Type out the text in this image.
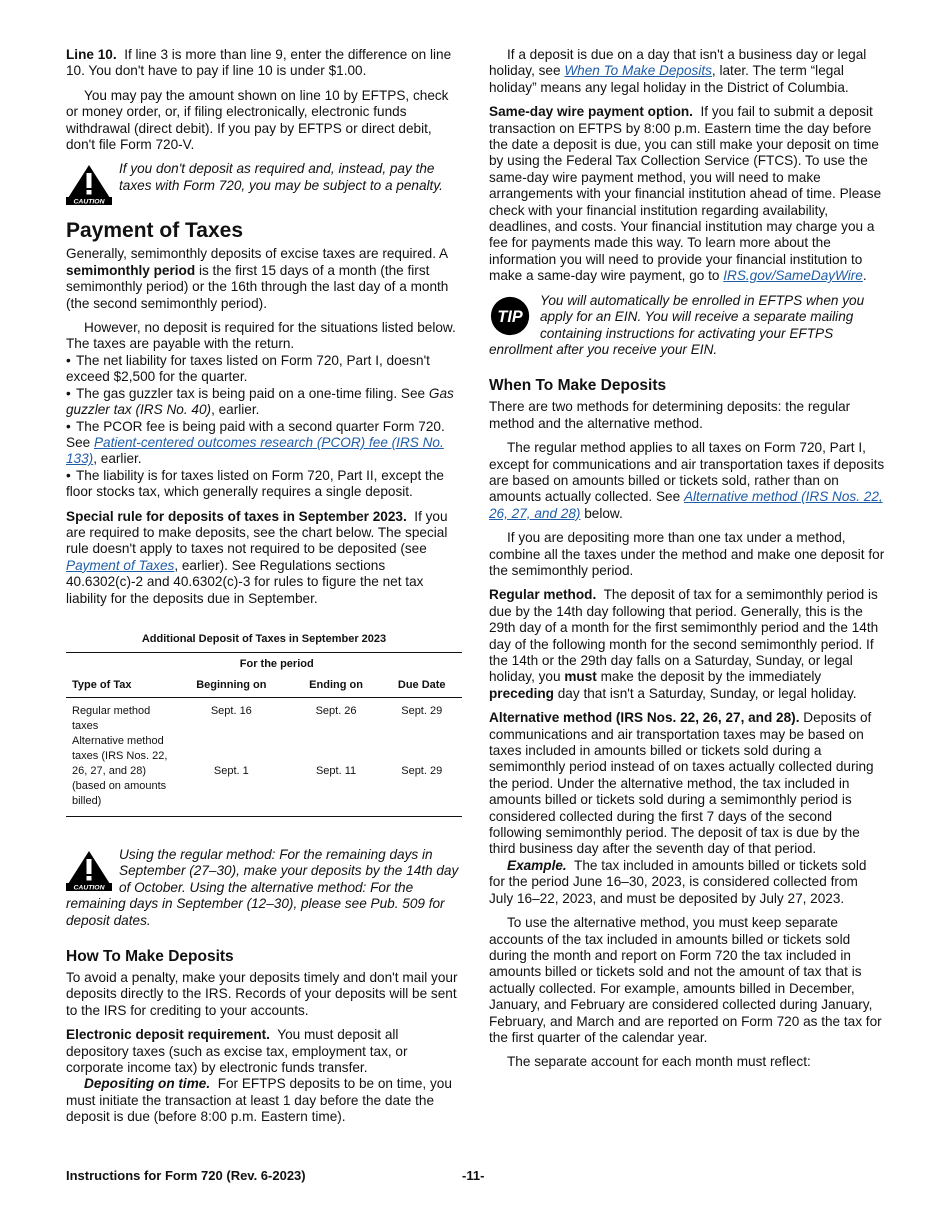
Line 10. If line 3 is more than line 9, enter the difference on line 10. You don't have to pay if line 10 is under $1.00.

You may pay the amount shown on line 10 by EFTPS, check or money order, or, if filing electronically, electronic funds withdrawal (direct debit). If you pay by EFTPS or direct debit, don't file Form 720-V.

CAUTION
If you don't deposit as required and, instead, pay the taxes with Form 720, you may be subject to a penalty.
Payment of Taxes

Generally, semimonthly deposits of excise taxes are required. A semimonthly period is the first 15 days of a month (the first semimonthly period) or the 16th through the last day of a month (the second semimonthly period).

However, no deposit is required for the situations listed below. The taxes are payable with the return.

• The net liability for taxes listed on Form 720, Part I, doesn't exceed $2,500 for the quarter.

• The gas guzzler tax is being paid on a one-time filing. See Gas guzzler tax (IRS No. 40), earlier.

• The PCOR fee is being paid with a second quarter Form 720. See Patient-centered outcomes research (PCOR) fee (IRS No. 133), earlier.

• The liability is for taxes listed on Form 720, Part II, except the floor stocks tax, which generally requires a single deposit.

Special rule for deposits of taxes in September 2023. If you are required to make deposits, see the chart below. The special rule doesn't apply to taxes not required to be deposited (see Payment of Taxes, earlier). See Regulations sections 40.6302(c)-2 and 40.6302(c)-3 for rules to figure the net tax liability for the deposits due in September.

Additional Deposit of Taxes in September 2023
	For the period		
Type of Tax	Beginning on	Ending on	Due Date
Regular method taxes	Sept. 16	Sept. 26	Sept. 29
Alternative method taxes (IRS Nos. 22, 26, 27, and 28) (based on amounts billed)	Sept. 1	Sept. 11	Sept. 29
CAUTION
Using the regular method: For the remaining days in September (27–30), make your deposits by the 14th day of October. Using the alternative method: For the remaining days in September (12–30), please see Pub. 509 for deposit dates.
How To Make Deposits

To avoid a penalty, make your deposits timely and don't mail your deposits directly to the IRS. Records of your deposits will be sent to the IRS for crediting to your accounts.

Electronic deposit requirement. You must deposit all depository taxes (such as excise tax, employment tax, or corporate income tax) by electronic funds transfer.

Depositing on time. For EFTPS deposits to be on time, you must initiate the transaction at least 1 day before the date the deposit is due (before 8:00 p.m. Eastern time).

If a deposit is due on a day that isn't a business day or legal holiday, see When To Make Deposits, later. The term “legal holiday” means any legal holiday in the District of Columbia.

Same-day wire payment option. If you fail to submit a deposit transaction on EFTPS by 8:00 p.m. Eastern time the day before the date a deposit is due, you can still make your deposit on time by using the Federal Tax Collection Service (FTCS). To use the same-day wire payment method, you will need to make arrangements with your financial institution ahead of time. Please check with your financial institution regarding availability, deadlines, and costs. Your financial institution may charge you a fee for payments made this way. To learn more about the information you will need to provide your financial institution to make a same-day wire payment, go to IRS.gov/SameDayWire.

TIP
You will automatically be enrolled in EFTPS when you apply for an EIN. You will receive a separate mailing containing instructions for activating your EFTPS enrollment after you receive your EIN.
When To Make Deposits

There are two methods for determining deposits: the regular method and the alternative method.

The regular method applies to all taxes on Form 720, Part I, except for communications and air transportation taxes if deposits are based on amounts billed or tickets sold, rather than on amounts actually collected. See Alternative method (IRS Nos. 22, 26, 27, and 28) below.

If you are depositing more than one tax under a method, combine all the taxes under the method and make one deposit for the semimonthly period.

Regular method. The deposit of tax for a semimonthly period is due by the 14th day following that period. Generally, this is the 29th day of a month for the first semimonthly period and the 14th day of the following month for the second semimonthly period. If the 14th or the 29th day falls on a Saturday, Sunday, or legal holiday, you must make the deposit by the immediately preceding day that isn't a Saturday, Sunday, or legal holiday.

Alternative method (IRS Nos. 22, 26, 27, and 28). Deposits of communications and air transportation taxes may be based on taxes included in amounts billed or tickets sold during a semimonthly period instead of on taxes actually collected during the period. Under the alternative method, the tax included in amounts billed or tickets sold during a semimonthly period is considered collected during the first 7 days of the second following semimonthly period. The deposit of tax is due by the third business day after the seventh day of that period.

Example. The tax included in amounts billed or tickets sold for the period June 16–30, 2023, is considered collected from July 16–22, 2023, and must be deposited by July 27, 2023.

To use the alternative method, you must keep separate accounts of the tax included in amounts billed or tickets sold during the month and report on Form 720 the tax included in amounts billed or tickets sold and not the amount of tax that is actually collected. For example, amounts billed in December, January, and February are considered collected during January, February, and March and are reported on Form 720 as the tax for the first quarter of the calendar year.

The separate account for each month must reflect:

Instructions for Form 720 (Rev. 6-2023)	-11-
